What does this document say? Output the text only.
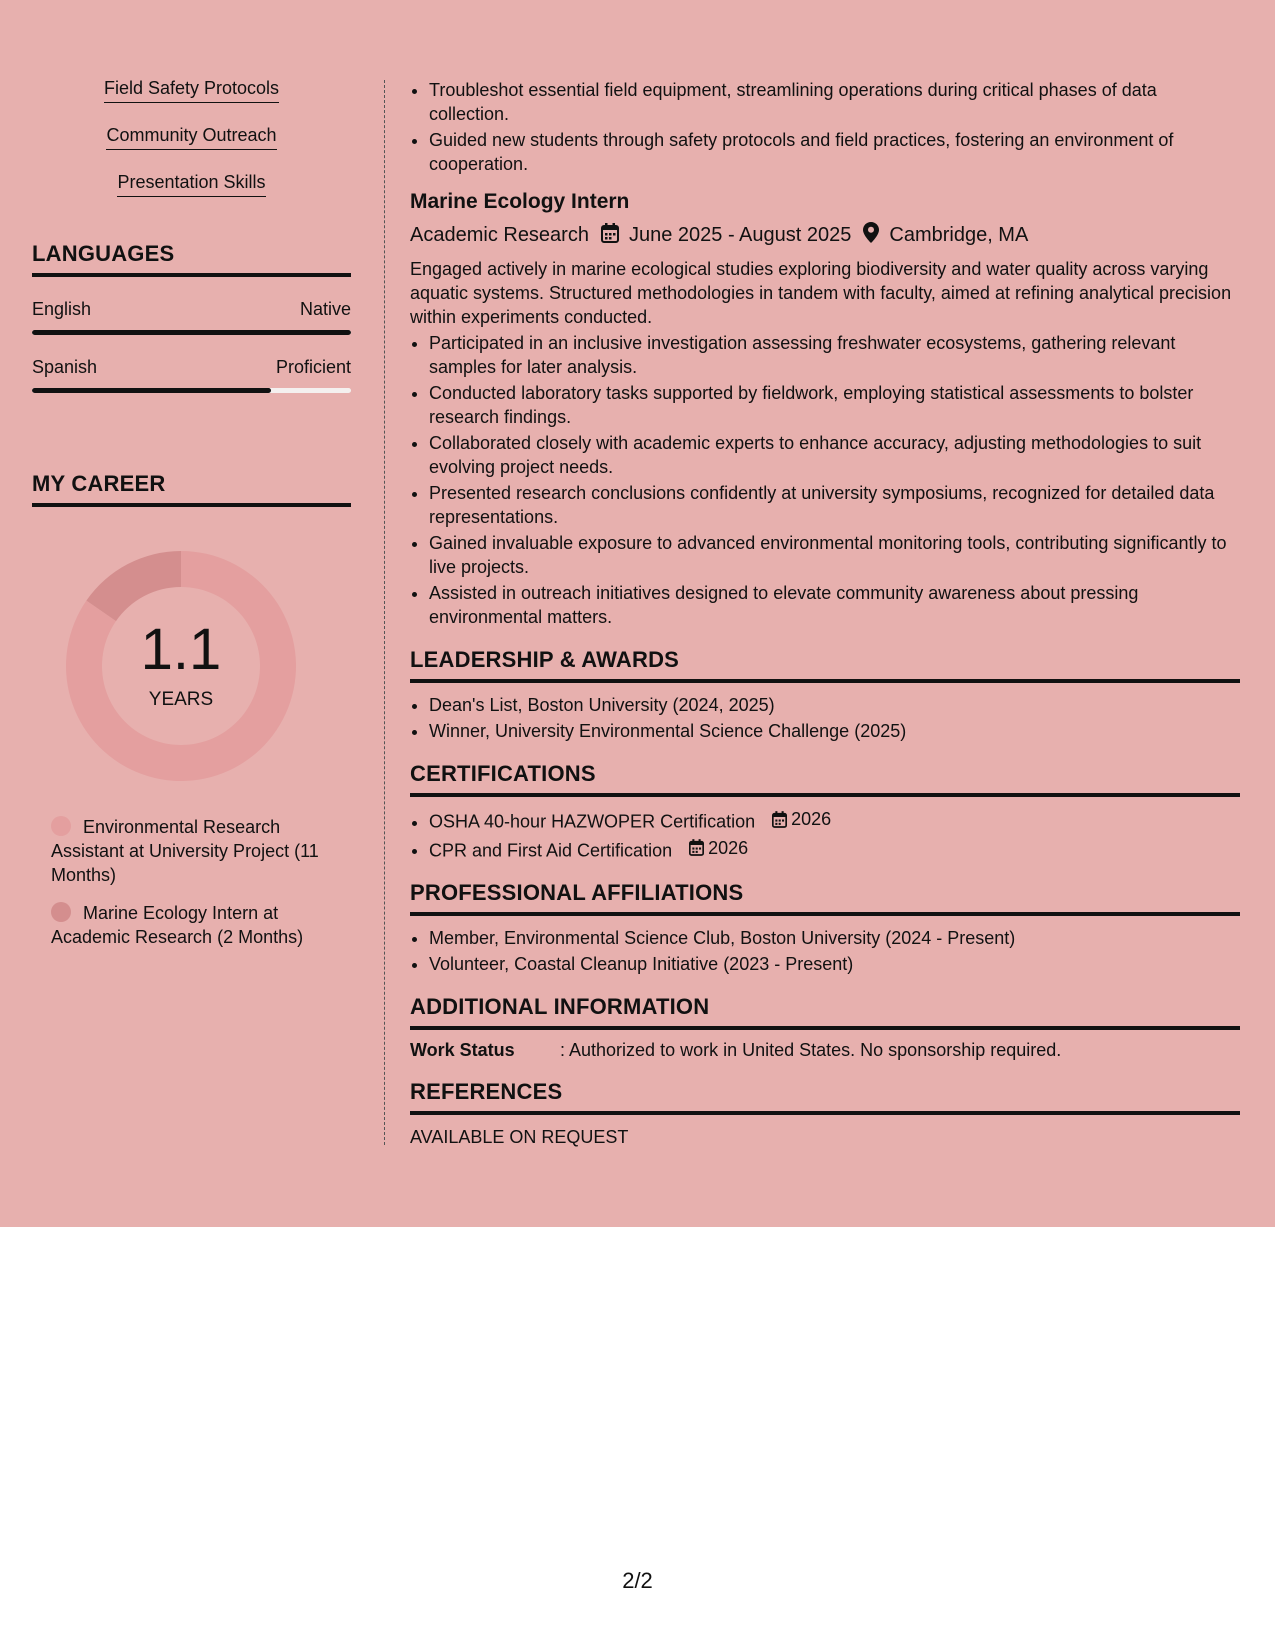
Field Safety Protocols
Community Outreach
Presentation Skills
LANGUAGES
English	Native
Spanish	Proficient
MY CAREER
1.1
YEARS
Environmental Research Assistant at University Project (11 Months)
Marine Ecology Intern at Academic Research (2 Months)
• Troubleshot essential field equipment, streamlining operations during critical phases of data collection.
• Guided new students through safety protocols and field practices, fostering an environment of cooperation.
Marine Ecology Intern
Academic Research June 2025 - August 2025 Cambridge, MA
Engaged actively in marine ecological studies exploring biodiversity and water quality across varying aquatic systems. Structured methodologies in tandem with faculty, aimed at refining analytical precision within experiments conducted.
• Participated in an inclusive investigation assessing freshwater ecosystems, gathering relevant samples for later analysis.
• Conducted laboratory tasks supported by fieldwork, employing statistical assessments to bolster research findings.
• Collaborated closely with academic experts to enhance accuracy, adjusting methodologies to suit evolving project needs.
• Presented research conclusions confidently at university symposiums, recognized for detailed data representations.
• Gained invaluable exposure to advanced environmental monitoring tools, contributing significantly to live projects.
• Assisted in outreach initiatives designed to elevate community awareness about pressing environmental matters.
LEADERSHIP & AWARDS
• Dean's List, Boston University (2024, 2025)
• Winner, University Environmental Science Challenge (2025)
CERTIFICATIONS
• OSHA 40-hour HAZWOPER Certification 2026
• CPR and First Aid Certification 2026
PROFESSIONAL AFFILIATIONS
• Member, Environmental Science Club, Boston University (2024 - Present)
• Volunteer, Coastal Cleanup Initiative (2023 - Present)
ADDITIONAL INFORMATION
Work Status	: Authorized to work in United States. No sponsorship required.
REFERENCES
AVAILABLE ON REQUEST
2/2
